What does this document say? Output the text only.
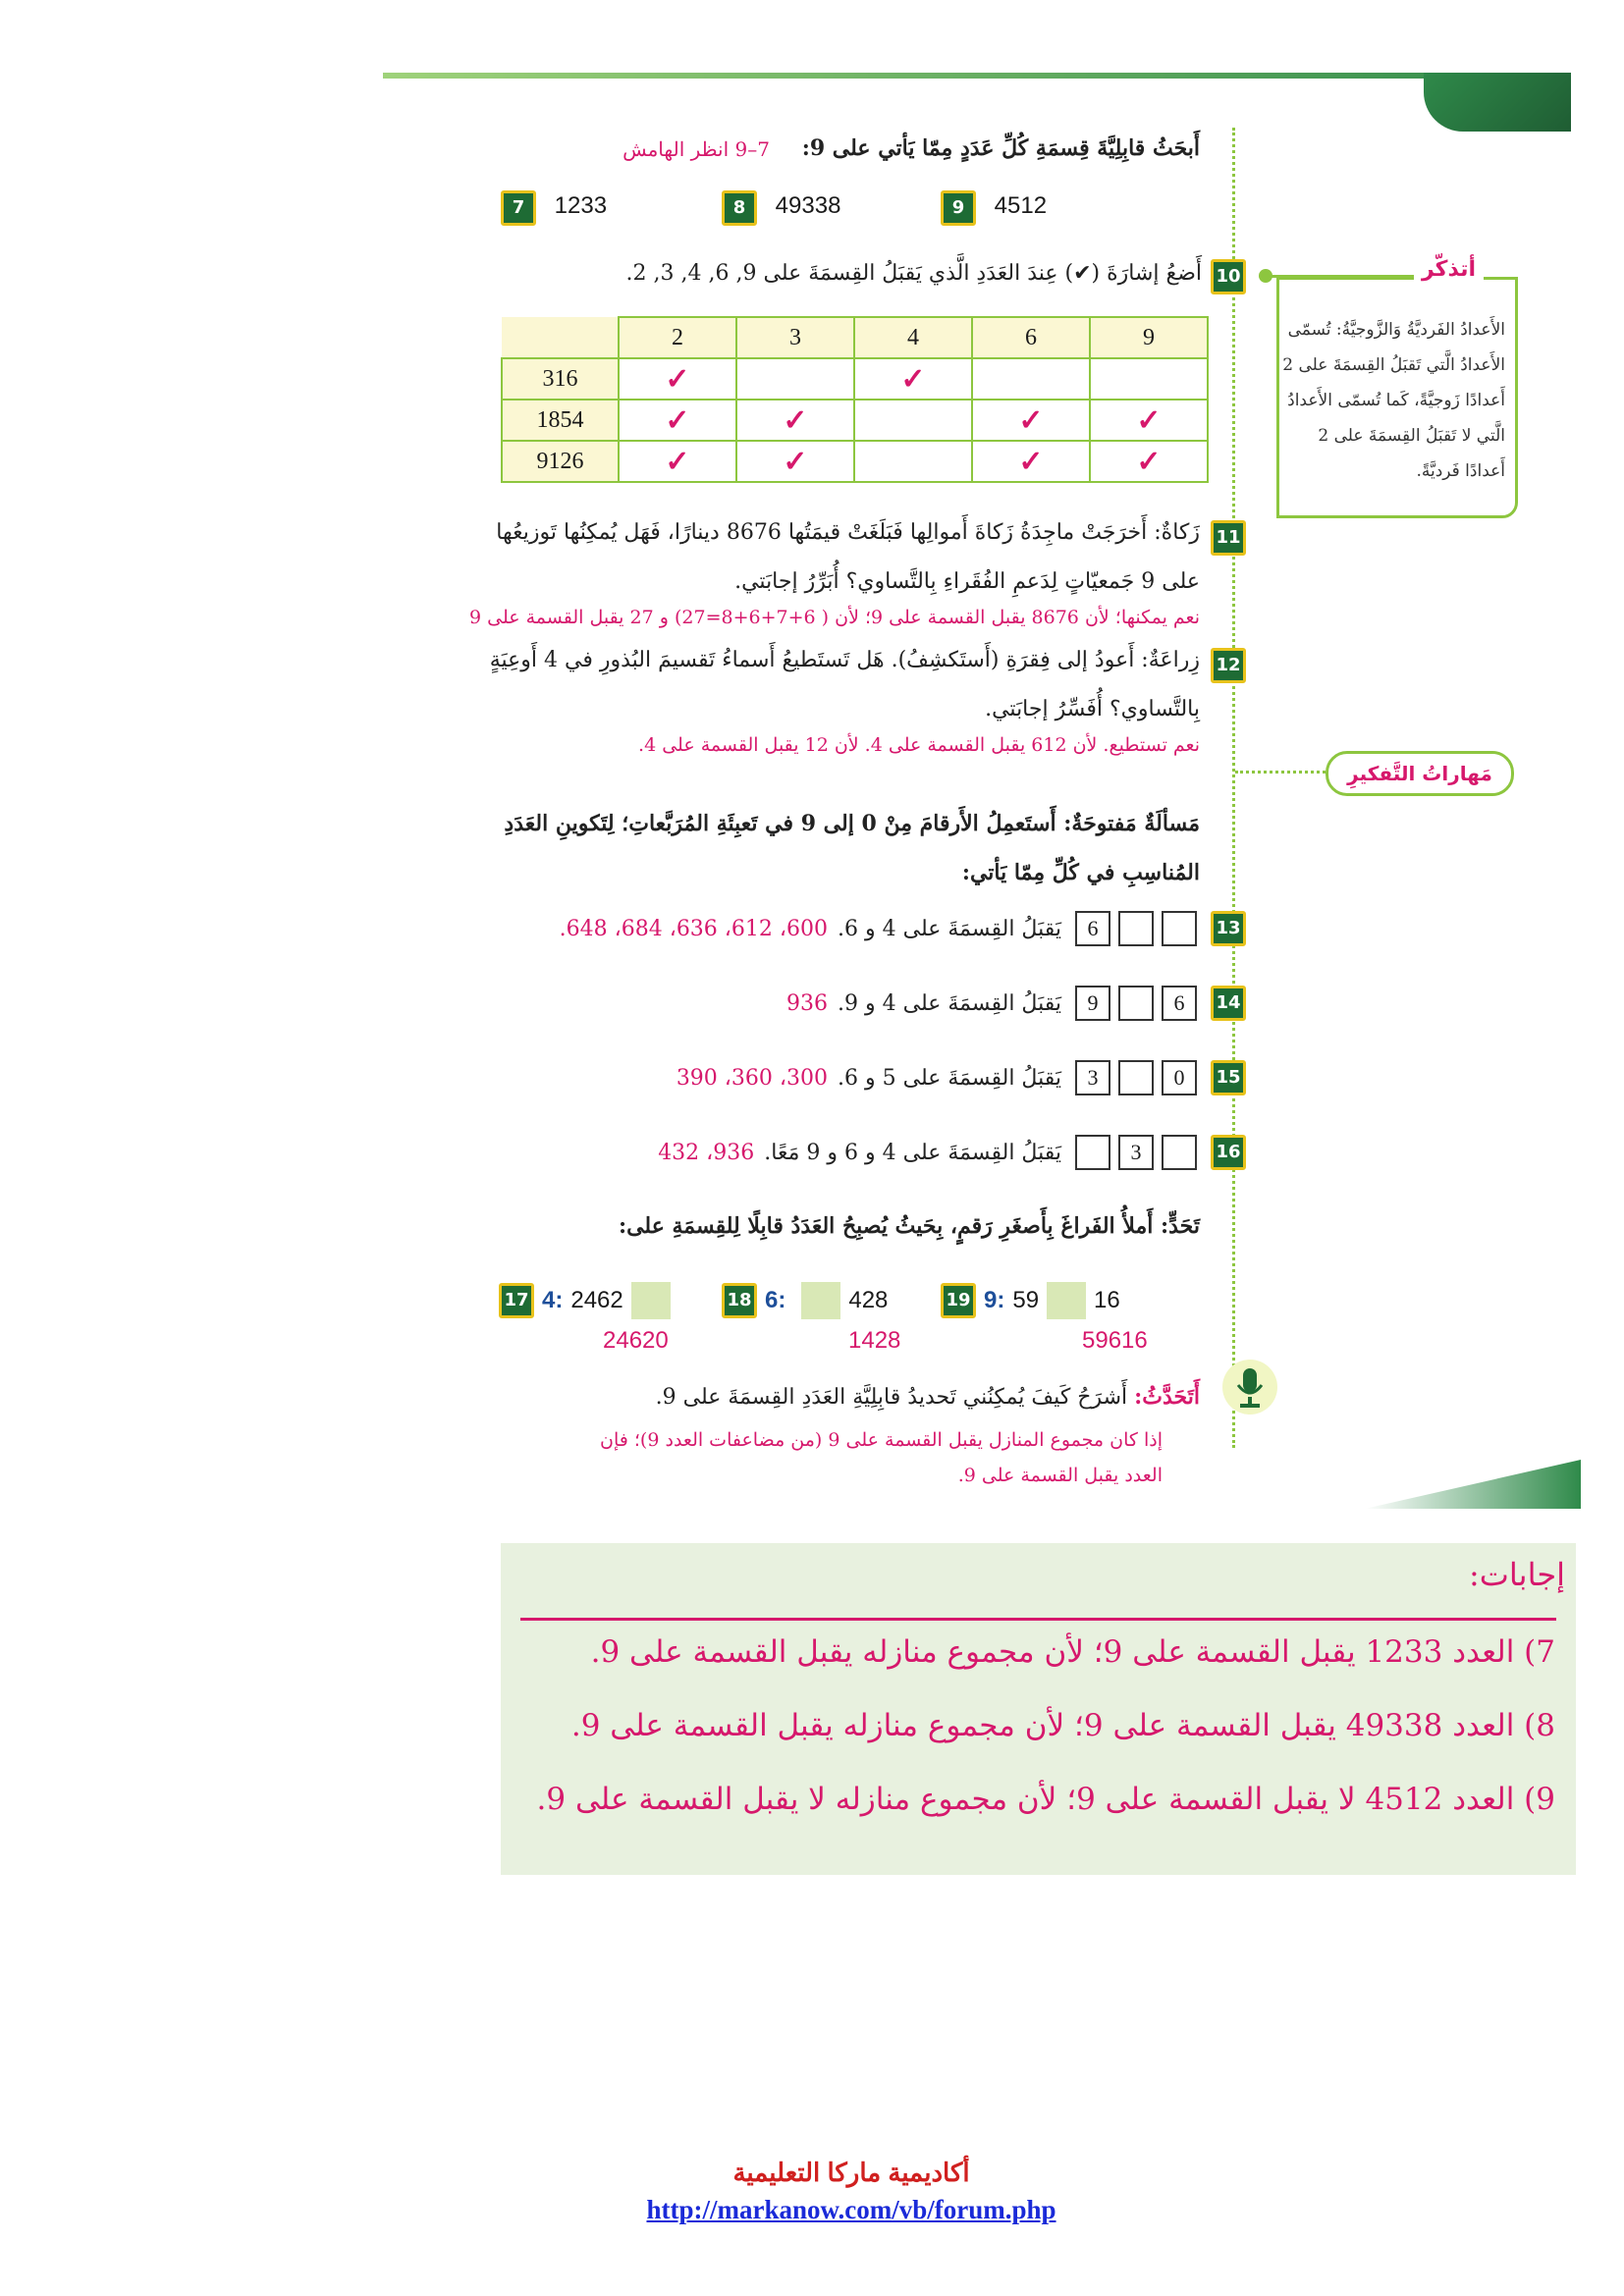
أَبحَثُ قابِلِيَّةَ قِسمَةِ كُلِّ عَدَدٍ مِمّا يَأتي على 9:
7–9 انظر الهامش
7 1233	8 49338	9 4512
10
أَضعُ إشارَةَ (✔) عِندَ العَدَدِ الَّذي يَقبَلُ القِسمَةَ على 9, 6, 4, 3, 2.
	2	3	4	6	9
316	✓		✓		
1854	✓	✓		✓	✓
9126	✓	✓		✓	✓
أتذكّر
الأَعدادُ الفَرديَّةُ وَالزَّوجيَّةُ: تُسمّى الأَعدادُ الَّتي تَقبَلُ القِسمَةَ على 2 أَعدادًا زَوجيَّةً، كَما تُسمّى الأَعدادُ الَّتي لا تَقبَلُ القِسمَةَ على 2 أَعدادًا فَرديَّةً.
11
زَكاةٌ: أَخرَجَتْ ماجِدَةُ زَكاةَ أَموالِها فَبَلَغَتْ قيمَتُها 8676 دينارًا، فَهَل يُمكِنُها تَوزيعُها
على 9 جَمعيّاتٍ لِدَعمِ الفُقَراءِ بِالتَّساوي؟ أُبَرِّرُ إجابَتي.
نعم يمكنها؛ لأن 8676 يقبل القسمة على 9؛ لأن ( 6+7+6+8=27) و 27 يقبل القسمة على 9
12
زِراعَةٌ: أَعودُ إلى فِقرَةِ (أَستَكشِفُ). هَل تَستَطيعُ أَسماءُ تَقسيمَ البُذورِ في 4 أَوعِيَةٍ
بِالتَّساوي؟ أُفَسِّرُ إجابَتي.
نعم تستطيع. لأن 612 يقبل القسمة على 4. لأن 12 يقبل القسمة على 4.
مَهاراتُ التَّفكيرِ
مَسألَةٌ مَفتوحَةٌ: أَستَعمِلُ الأَرقامَ مِنْ 0 إلى 9 في تَعبِئَةِ المُرَبَّعاتِ؛ لِتَكوينِ العَدَدِ
المُناسِبِ في كُلِّ مِمّا يَأتي:
13
6
يَقبَلُ القِسمَةَ على 4 و 6.
600، 612، 636، 684، 648.
14
9	6
يَقبَلُ القِسمَةَ على 4 و 9.
936
15
3	0
يَقبَلُ القِسمَةَ على 5 و 6.
300، 360، 390
16
3
يَقبَلُ القِسمَةَ على 4 و 6 و 9 مَعًا.
936، 432
تَحَدٍّ: أَملأُ الفَراغَ بِأَصغَرِ رَقمٍ، بِحَيثُ يُصبِحُ العَدَدُ قابِلًا لِلقِسمَةِ على:
17 4: 2462
24620
18 6:	428
1428
19 9: 59 16
59616
أَتَحَدَّثُ: أَشرَحُ كَيفَ يُمكِنُني تَحديدُ قابِلِيَّةِ العَدَدِ القِسمَةَ على 9.
إذا كان مجموع المنازل يقبل القسمة على 9 (من مضاعفات العدد 9)؛ فإن
العدد يقبل القسمة على 9.
إجابات:
7) العدد 1233 يقبل القسمة على 9؛ لأن مجموع منازله يقبل القسمة على 9.
8) العدد 49338 يقبل القسمة على 9؛ لأن مجموع منازله يقبل القسمة على 9.
9) العدد 4512 لا يقبل القسمة على 9؛ لأن مجموع منازله لا يقبل القسمة على 9.
أكاديمية ماركا التعليمية
http://markanow.com/vb/forum.php
